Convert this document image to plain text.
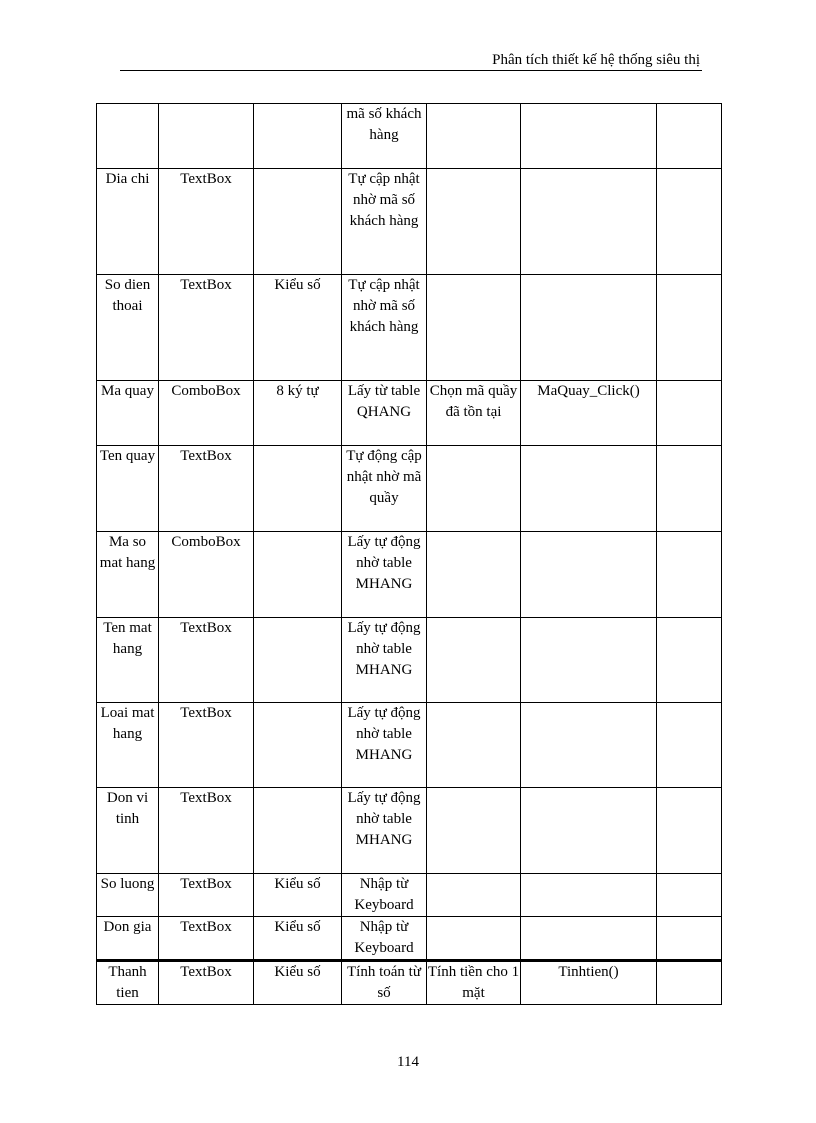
Phân tích thiết kế hệ thống siêu thị
			mã số khách hàng			
Dia chi	TextBox		Tự cập nhật nhờ mã số khách hàng			
So dien thoai	TextBox	Kiểu số	Tự cập nhật nhờ mã số khách hàng			
Ma quay	ComboBox	8 ký tự	Lấy từ table QHANG	Chọn mã quầy đã tồn tại	MaQuay_Click()	
Ten quay	TextBox		Tự động cập nhật nhờ mã quầy			
Ma so mat hang	ComboBox		Lấy tự động nhờ table MHANG			
Ten mat hang	TextBox		Lấy tự động nhờ table MHANG			
Loai mat hang	TextBox		Lấy tự động nhờ table MHANG			
Don vi tinh	TextBox		Lấy tự động nhờ table MHANG			
So luong	TextBox	Kiểu số	Nhập từ Keyboard			
Don gia	TextBox	Kiểu số	Nhập từ Keyboard			
Thanh tien	TextBox	Kiểu số	Tính toán từ số	Tính tiền cho 1 mặt	Tinhtien()	
114
